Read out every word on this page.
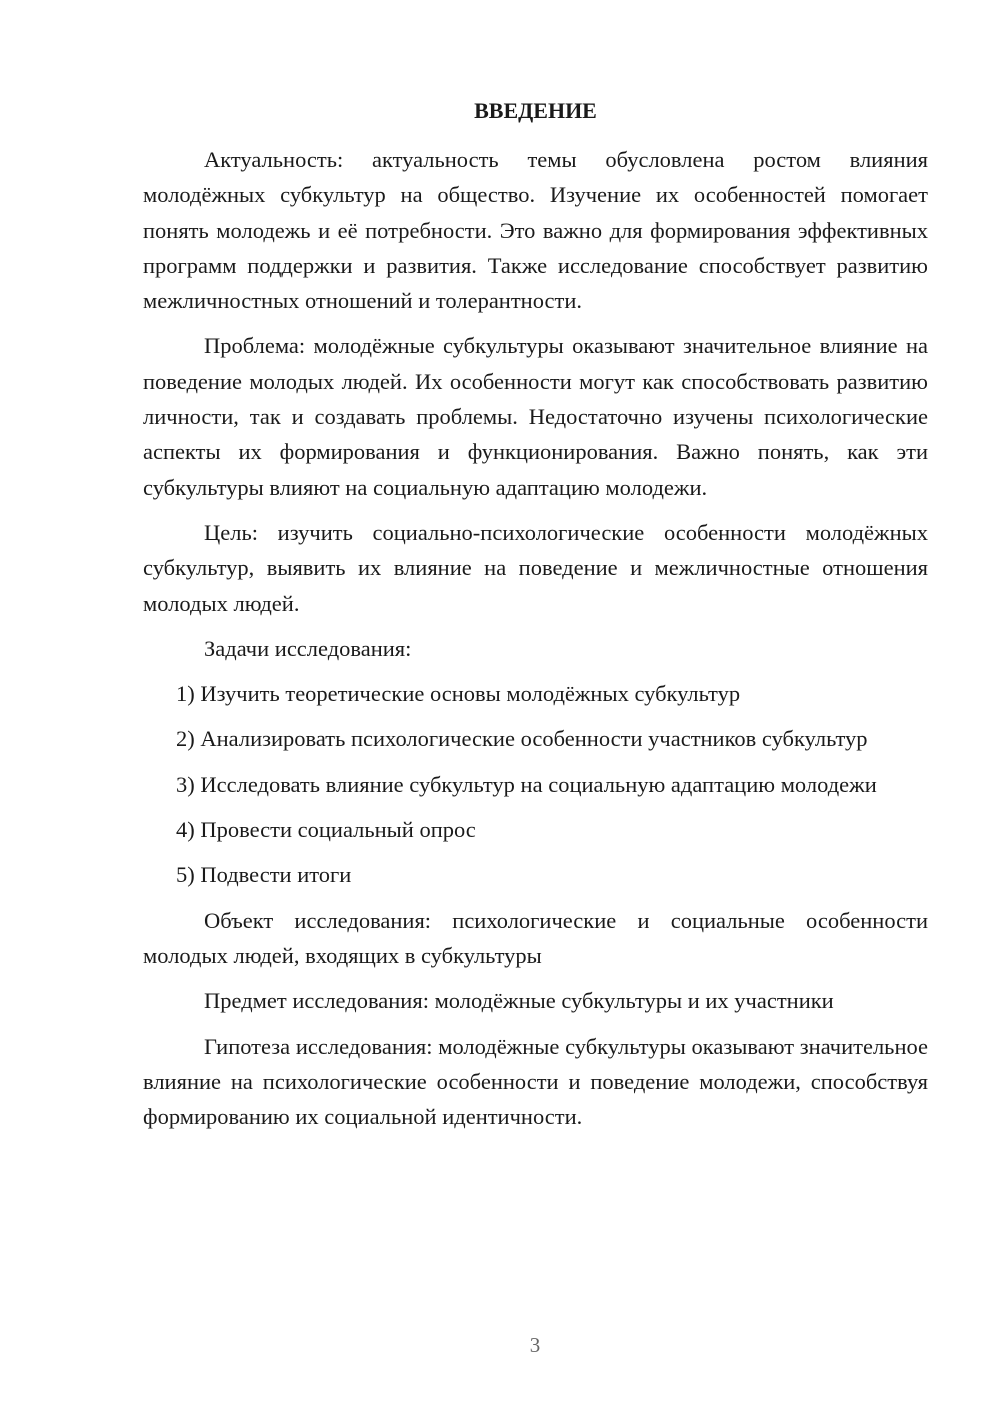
ВВЕДЕНИЕ

Актуальность: актуальность темы обусловлена ростом влияния молодёжных субкультур на общество. Изучение их особенностей помогает понять молодежь и её потребности. Это важно для формирования эффективных программ поддержки и развития. Также исследование способствует развитию межличностных отношений и толерантности.

Проблема: молодёжные субкультуры оказывают значительное влияние на поведение молодых людей. Их особенности могут как способствовать развитию личности, так и создавать проблемы. Недостаточно изучены психологические аспекты их формирования и функционирования. Важно понять, как эти субкультуры влияют на социальную адаптацию молодежи.

Цель: изучить социально-психологические особенности молодёжных субкультур, выявить их влияние на поведение и межличностные отношения молодых людей.

Задачи исследования:

1) Изучить теоретические основы молодёжных субкультур

2) Анализировать психологические особенности участников субкультур

3) Исследовать влияние субкультур на социальную адаптацию молодежи

4) Провести социальный опрос

5) Подвести итоги

Объект исследования: психологические и социальные особенности молодых людей, входящих в субкультуры

Предмет исследования: молодёжные субкультуры и их участники

Гипотеза исследования: молодёжные субкультуры оказывают значительное влияние на психологические особенности и поведение молодежи, способствуя формированию их социальной идентичности.

3
